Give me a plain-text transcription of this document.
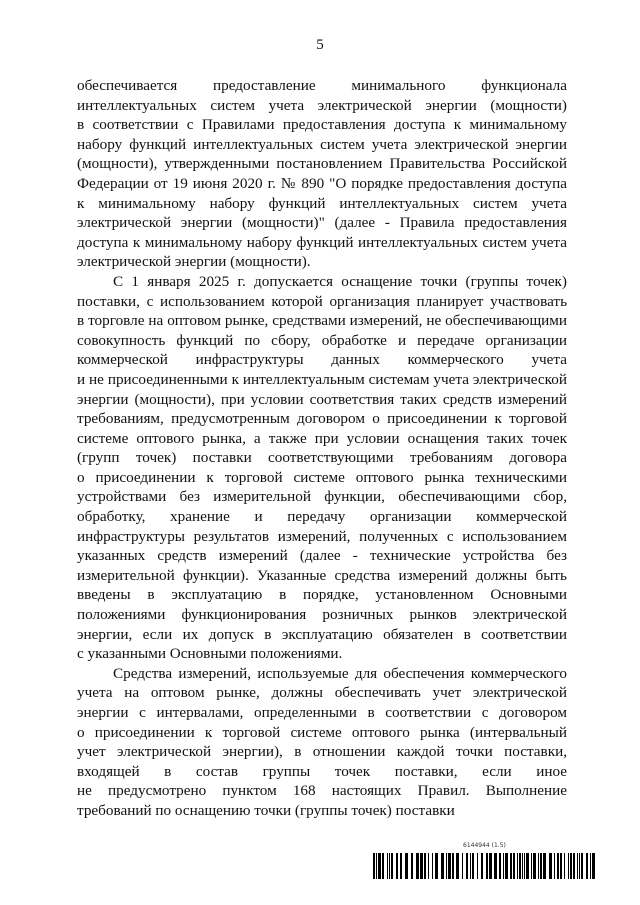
5
обеспечивается предоставление минимального функционала
интеллектуальных систем учета электрической энергии (мощности)
в соответствии с Правилами предоставления доступа к минимальному
набору функций интеллектуальных систем учета электрической энергии
(мощности), утвержденными постановлением Правительства Российской
Федерации от 19 июня 2020 г. № 890 "О порядке предоставления доступа
к минимальному набору функций интеллектуальных систем учета
электрической энергии (мощности)" (далее - Правила предоставления
доступа к минимальному набору функций интеллектуальных систем учета
электрической энергии (мощности).
С 1 января 2025 г. допускается оснащение точки (группы точек)
поставки, с использованием которой организация планирует участвовать
в торговле на оптовом рынке, средствами измерений, не обеспечивающими
совокупность функций по сбору, обработке и передаче организации
коммерческой инфраструктуры данных коммерческого учета
и не присоединенными к интеллектуальным системам учета электрической
энергии (мощности), при условии соответствия таких средств измерений
требованиям, предусмотренным договором о присоединении к торговой
системе оптового рынка, а также при условии оснащения таких точек
(групп точек) поставки соответствующими требованиям договора
о присоединении к торговой системе оптового рынка техническими
устройствами без измерительной функции, обеспечивающими сбор,
обработку, хранение и передачу организации коммерческой
инфраструктуры результатов измерений, полученных с использованием
указанных средств измерений (далее - технические устройства без
измерительной функции). Указанные средства измерений должны быть
введены в эксплуатацию в порядке, установленном Основными
положениями функционирования розничных рынков электрической
энергии, если их допуск в эксплуатацию обязателен в соответствии
с указанными Основными положениями.
Средства измерений, используемые для обеспечения коммерческого
учета на оптовом рынке, должны обеспечивать учет электрической
энергии с интервалами, определенными в соответствии с договором
о присоединении к торговой системе оптового рынка (интервальный
учет электрической энергии), в отношении каждой точки поставки,
входящей в состав группы точек поставки, если иное
не предусмотрено пунктом 168 настоящих Правил. Выполнение
требований по оснащению точки (группы точек) поставки
6144944 (1.5)
